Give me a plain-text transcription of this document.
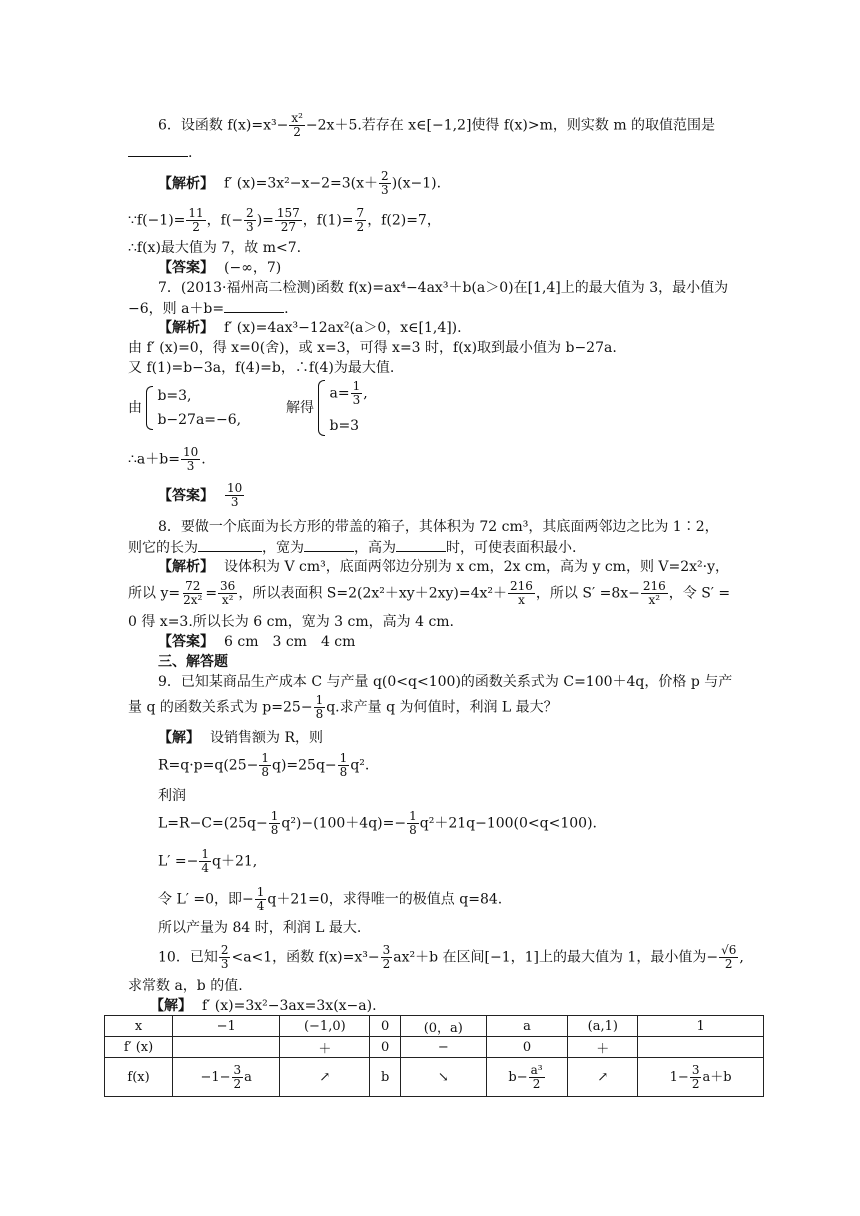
6．设函数 $f(x)=x^3- \frac{\text{x²}}{2} -2x+5$.若存在 x∈[−1,2]使得 f(x)>m，则实数 m 的取值范围是
.
【解析】 f′ $(x)=3x^2-x-2=3(x+ \frac{2}{3} )(x-1)$.
∵f(−1)= $\frac{11}{2}$ ，$f(- \frac{2}{3}$ )= $\frac{157}{27}$ ，$f(1)= \frac{7}{2}$ ，f(2)=7，
∴f(x)最大值为 7，故 m<7.
【答案】 (−∞，7)
7．(2013·福州高二检测)函数 f(x)=ax⁴−4ax³＋b(a＞0)在[1,4]上的最大值为 3，最小值为
−6，则 a＋b=	.
【解析】 f′ (x)=4ax³−12ax²(a＞0，x∈[1,4]).
由 f′ (x)=0，得 x=0(舍)，或 x=3，可得 x=3 时，f(x)取到最小值为 b−27a.
又 f(1)=b−3a，f(4)=b，∴f(4)为最大值.
由
b=3,
b−27a=−6,
解得
$a= \frac{1}{3}$ ,
b=3
∴a＋b= $\frac{10}{3}$ .
【答案】 $\frac{10}{3}$
8．要做一个底面为长方形的带盖的箱子，其体积为 72 cm³，其底面两邻边之比为 1∶2，
则它的长为	，宽为	，高为	时，可使表面积最小.
【解析】 设体积为 V cm³，底面两邻边分别为 x cm，2x cm，高为 y cm，则 V=2x²·y，
所以 $y= \frac{72}{\text{2x²}} = \frac{36}{\text{x²}}$ ，所以表面积 $S=2(2x^2+xy+2xy)=4x^2+ \frac{216}{x}$ ，所以 $S' =8x- \frac{216}{\text{x²}}$ ，令 S′ =
0 得 x=3.所以长为 6 cm，宽为 3 cm，高为 4 cm.
【答案】 6 cm　3 cm　4 cm
三、解答题
9．已知某商品生产成本 C 与产量 q(0<q<100)的函数关系式为 C=100＋4q，价格 p 与产
量 q 的函数关系式为 $p=25- \frac{1}{8} q$.求产量 q 为何值时，利润 L 最大？
【解】 设销售额为 R，则
$R=q\cdot p=q(25- \frac{1}{8} q)=25q- \frac{1}{8} q^2$.
利润
$L=R-C=(25q- \frac{1}{8} q^2)-(100+4q)=- \frac{1}{8} q^2+21q-100(0<q<100)$.
$L' =- \frac{1}{4} q+21$,
令 L′ =0，即− $\frac{1}{4} q+21=0$，求得唯一的极值点 q=84.
所以产量为 84 时，利润 L 最大.
10．已知 $\frac{2}{3} <a<1$，函数 $f(x)=x^3- \frac{3}{2} ax^2+b$ 在区间[−1，1]上的最大值为 1，最小值为− $\frac{√6}{2}$ ,
求常数 a，b 的值.
【解】 f′ (x)=3x²−3ax=3x(x−a).
x	−1	(−1,0)	0	(0，a)	a	(a,1)	1
f′ (x)		＋	0	−	0	＋	
f(x)	$-1- \frac{3}{2}$ a	↗	b	↘	$b- \frac{\text{a³}}{2}$	↗	$1- \frac{3}{2} a+b$
